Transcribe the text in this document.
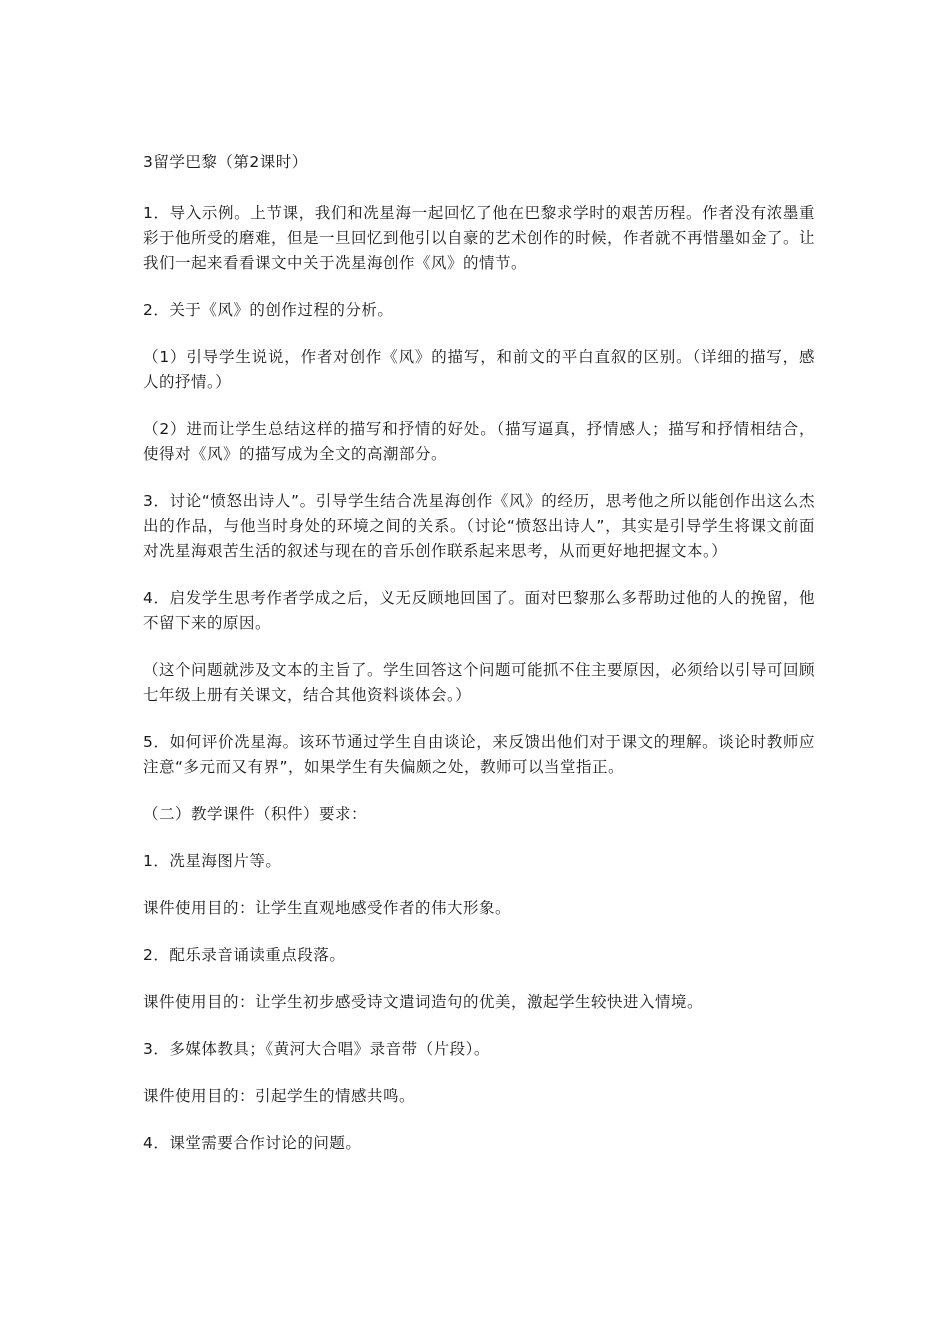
3留学巴黎（第2课时）

1．导入示例。上节课，我们和冼星海一起回忆了他在巴黎求学时的艰苦历程。作者没有浓墨重彩于他所受的磨难，但是一旦回忆到他引以自豪的艺术创作的时候，作者就不再惜墨如金了。让我们一起来看看课文中关于冼星海创作《风》的情节。

2．关于《风》的创作过程的分析。

（1）引导学生说说，作者对创作《风》的描写，和前文的平白直叙的区别。（详细的描写，感人的抒情。）

（2）进而让学生总结这样的描写和抒情的好处。（描写逼真，抒情感人；描写和抒情相结合，使得对《风》的描写成为全文的高潮部分。

3．讨论“愤怒出诗人”。引导学生结合冼星海创作《风》的经历，思考他之所以能创作出这么杰出的作品，与他当时身处的环境之间的关系。（讨论“愤怒出诗人”，其实是引导学生将课文前面对冼星海艰苦生活的叙述与现在的音乐创作联系起来思考，从而更好地把握文本。）

4．启发学生思考作者学成之后，义无反顾地回国了。面对巴黎那么多帮助过他的人的挽留，他不留下来的原因。

（这个问题就涉及文本的主旨了。学生回答这个问题可能抓不住主要原因，必须给以引导可回顾七年级上册有关课文，结合其他资料谈体会。）

5．如何评价冼星海。该环节通过学生自由谈论，来反馈出他们对于课文的理解。谈论时教师应注意“多元而又有界”，如果学生有失偏颇之处，教师可以当堂指正。

（二）教学课件（积件）要求：

1．冼星海图片等。

课件使用目的：让学生直观地感受作者的伟大形象。

2．配乐录音诵读重点段落。

课件使用目的：让学生初步感受诗文遣词造句的优美，激起学生较快进入情境。

3．多媒体教具；《黄河大合唱》录音带（片段）。

课件使用目的：引起学生的情感共鸣。

4．课堂需要合作讨论的问题。
